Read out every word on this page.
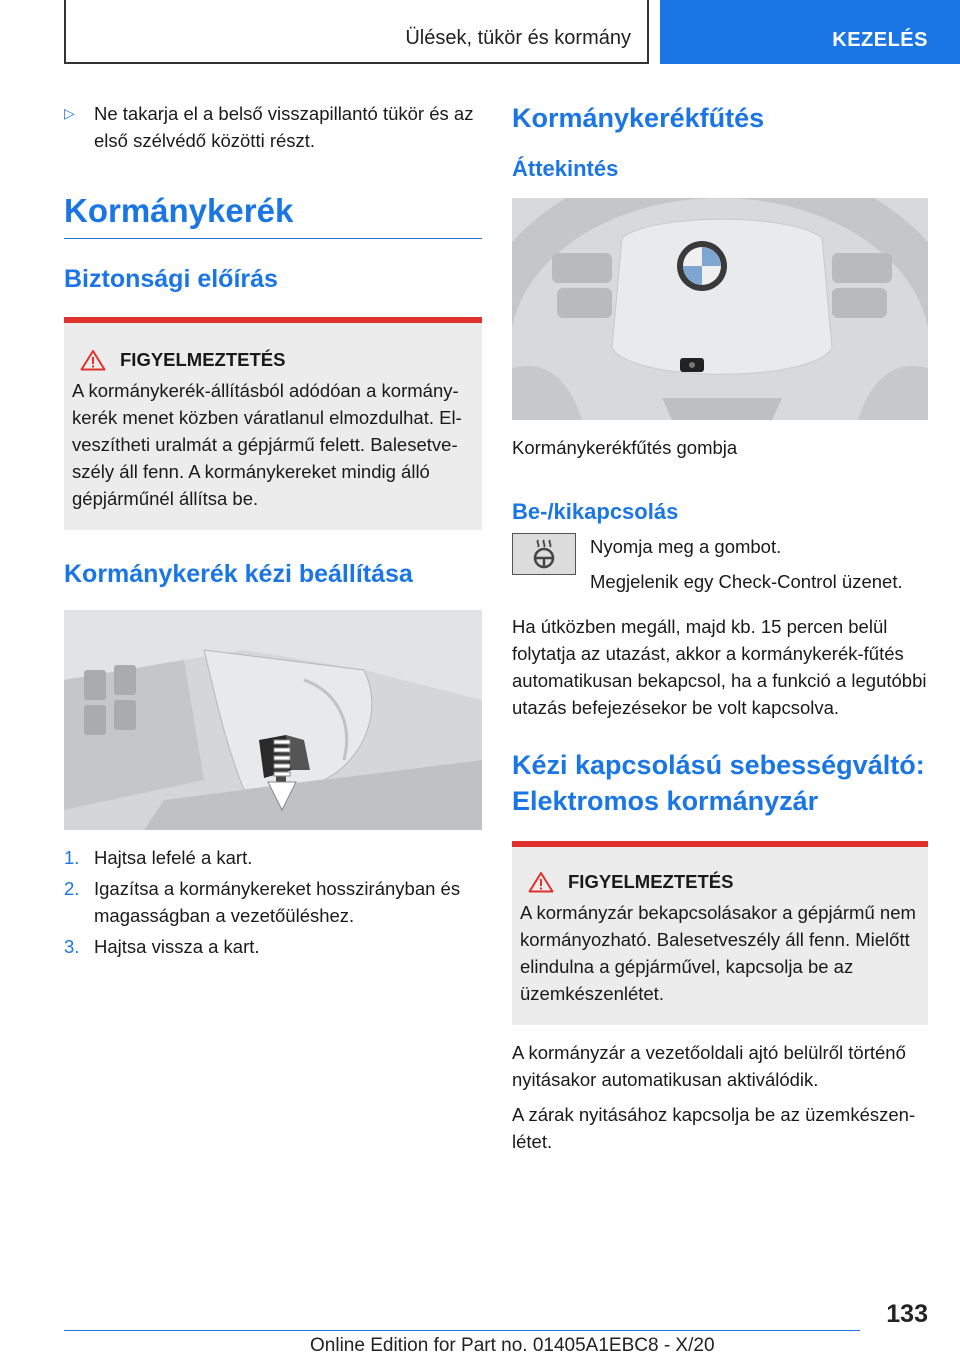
Ülések, tükör és kormány	KEZELÉS
▷ Ne takarja el a belső visszapillantó tükör és az első szélvédő közötti részt.
Kormánykerék
Biztonsági előírás
FIGYELMEZTETÉS

A kormánykerék-állításból adódóan a kormánykerék menet közben váratlanul elmozdulhat. Elveszítheti uralmát a gépjármű felett. Balesetveszély áll fenn. A kormánykereket mindig álló gépjárműnél állítsa be.

Kormánykerék kézi beállítása
1. Hajtsa lefelé a kart.
2. Igazítsa a kormánykereket hosszirányban és magasságban a vezetőüléshez.
3. Hajtsa vissza a kart.
Kormánykerékfűtés
Áttekintés

Kormánykerékfűtés gombja

Be-/kikapcsolás

Nyomja meg a gombot.

Megjelenik egy Check-Control üzenet.

Ha útközben megáll, majd kb. 15 percen belül folytatja az utazást, akkor a kormánykerék-fűtés automatikusan bekapcsol, ha a funkció a legutóbbi utazás befejezésekor be volt kapcsolva.

Kézi kapcsolású sebességváltó: Elektromos kormányzár
FIGYELMEZTETÉS

A kormányzár bekapcsolásakor a gépjármű nem kormányozható. Balesetveszély áll fenn. Mielőtt elindulna a gépjárművel, kapcsolja be az üzemkészenlétet.

A kormányzár a vezetőoldali ajtó belülről történő nyitásakor automatikusan aktiválódik.

A zárak nyitásához kapcsolja be az üzemkészenlétet.

133
Online Edition for Part no. 01405A1EBC8 - X/20
